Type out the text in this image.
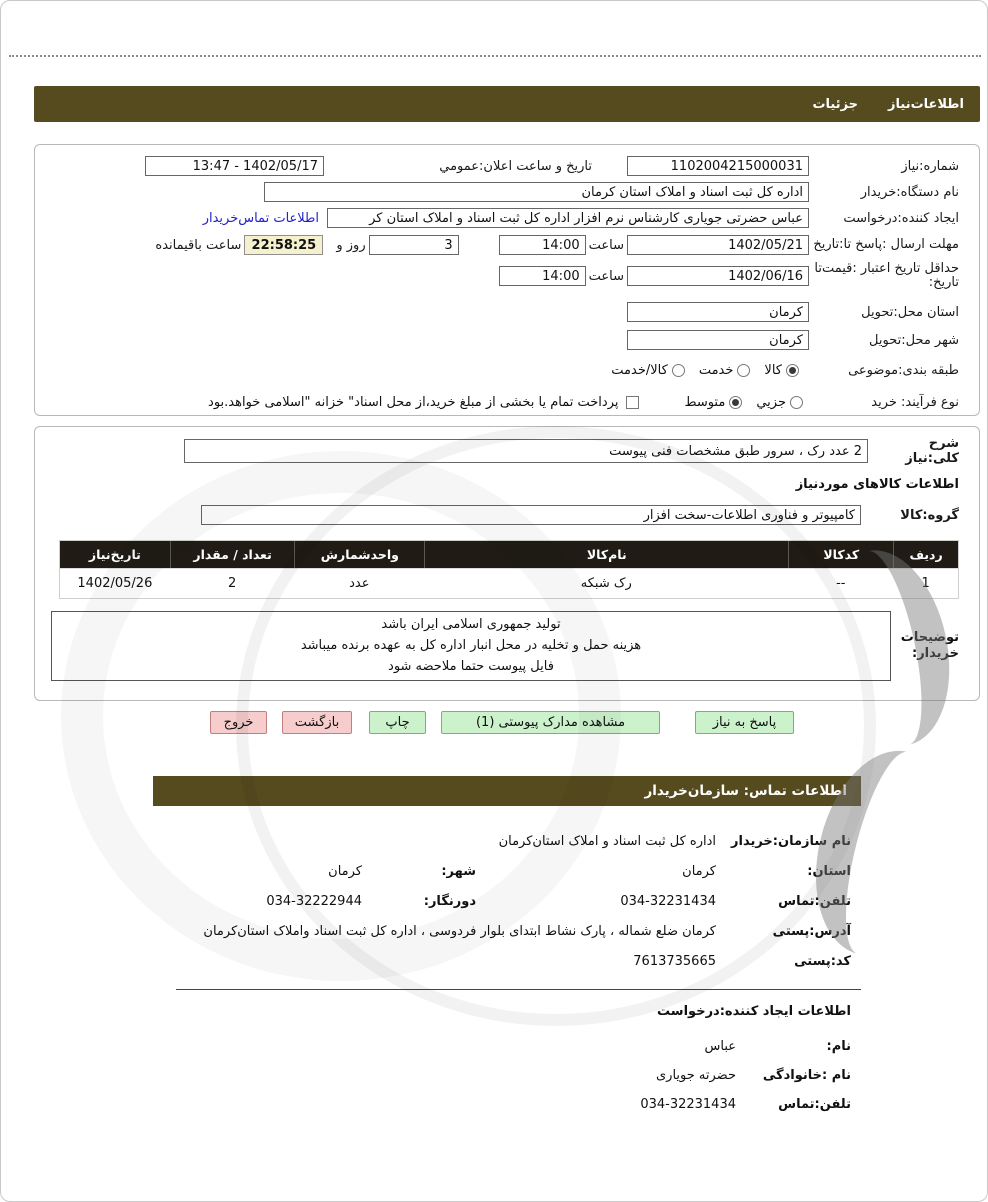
اطلاعات‌نیاز
جزئیات
شماره:نیاز
1102004215000031
تاریخ و ساعت اعلان:عمومي
13:47 - 1402/05/17
نام دستگاه:خریدار
اداره کل ثبت اسناد و املاک استان کرمان
ایجاد کننده:درخواست
عباس حضرتی جویاری کارشناس نرم افزار اداره کل ثبت اسناد و املاک استان کر
اطلاعات تماس‌خریدار
مهلت ارسال :پاسخ تا:تاریخ
1402/05/21
ساعت
14:00
3
روز و
22:58:25
ساعت باقیمانده
حداقل تاریخ اعتبار :قیمت‌تا
تاریخ:
1402/06/16
ساعت
14:00
استان محل:تحویل
کرمان
شهر محل:تحویل
کرمان
طبقه بندی:موضوعی
کالا
خدمت
کالا/خدمت
نوع فرآیند: خرید
جزيي
متوسط
پرداخت تمام یا بخشی از مبلغ خرید،از محل اسناد" خزانه "اسلامی خواهد.بود
شرح کلی:نیاز
2 عدد رک ، سرور طبق مشخصات فنی پیوست
اطلاعات کالاهای موردنیاز
گروه:کالا
کامپیوتر و فناوری اطلاعات-سخت افزار
ردیف
کدکالا
نام‌کالا
واحدشمارش
تعداد / مقدار
تاریخ‌نیاز
1
--
رک شبکه
عدد
2
1402/05/26
توضیحات
خریدار:
تولید جمهوری اسلامی ایران باشد
هزینه حمل و تخلیه در محل انبار اداره کل به عهده برنده میباشد
فایل پیوست حتما ملاحضه شود
پاسخ به نیاز
مشاهده مدارک پیوستی (1)
چاپ
بازگشت
خروج
اطلاعات تماس: سازمان‌خریدار
نام سازمان:خریدار
اداره کل ثبت اسناد و املاک استان‌کرمان
استان:
کرمان
شهر:
کرمان
تلفن:تماس
034-32231434
دورنگار:
034-32222944
آدرس:پستی
کرمان ضلع شماله ، پارک نشاط ابتدای بلوار فردوسی ، اداره کل ثبت اسناد واملاک استان‌کرمان
کد:پستی
7613735665
اطلاعات ایجاد کننده:درخواست
نام:
عباس
نام :خانوادگی
حضرته جویاری
تلفن:تماس
034-32231434
